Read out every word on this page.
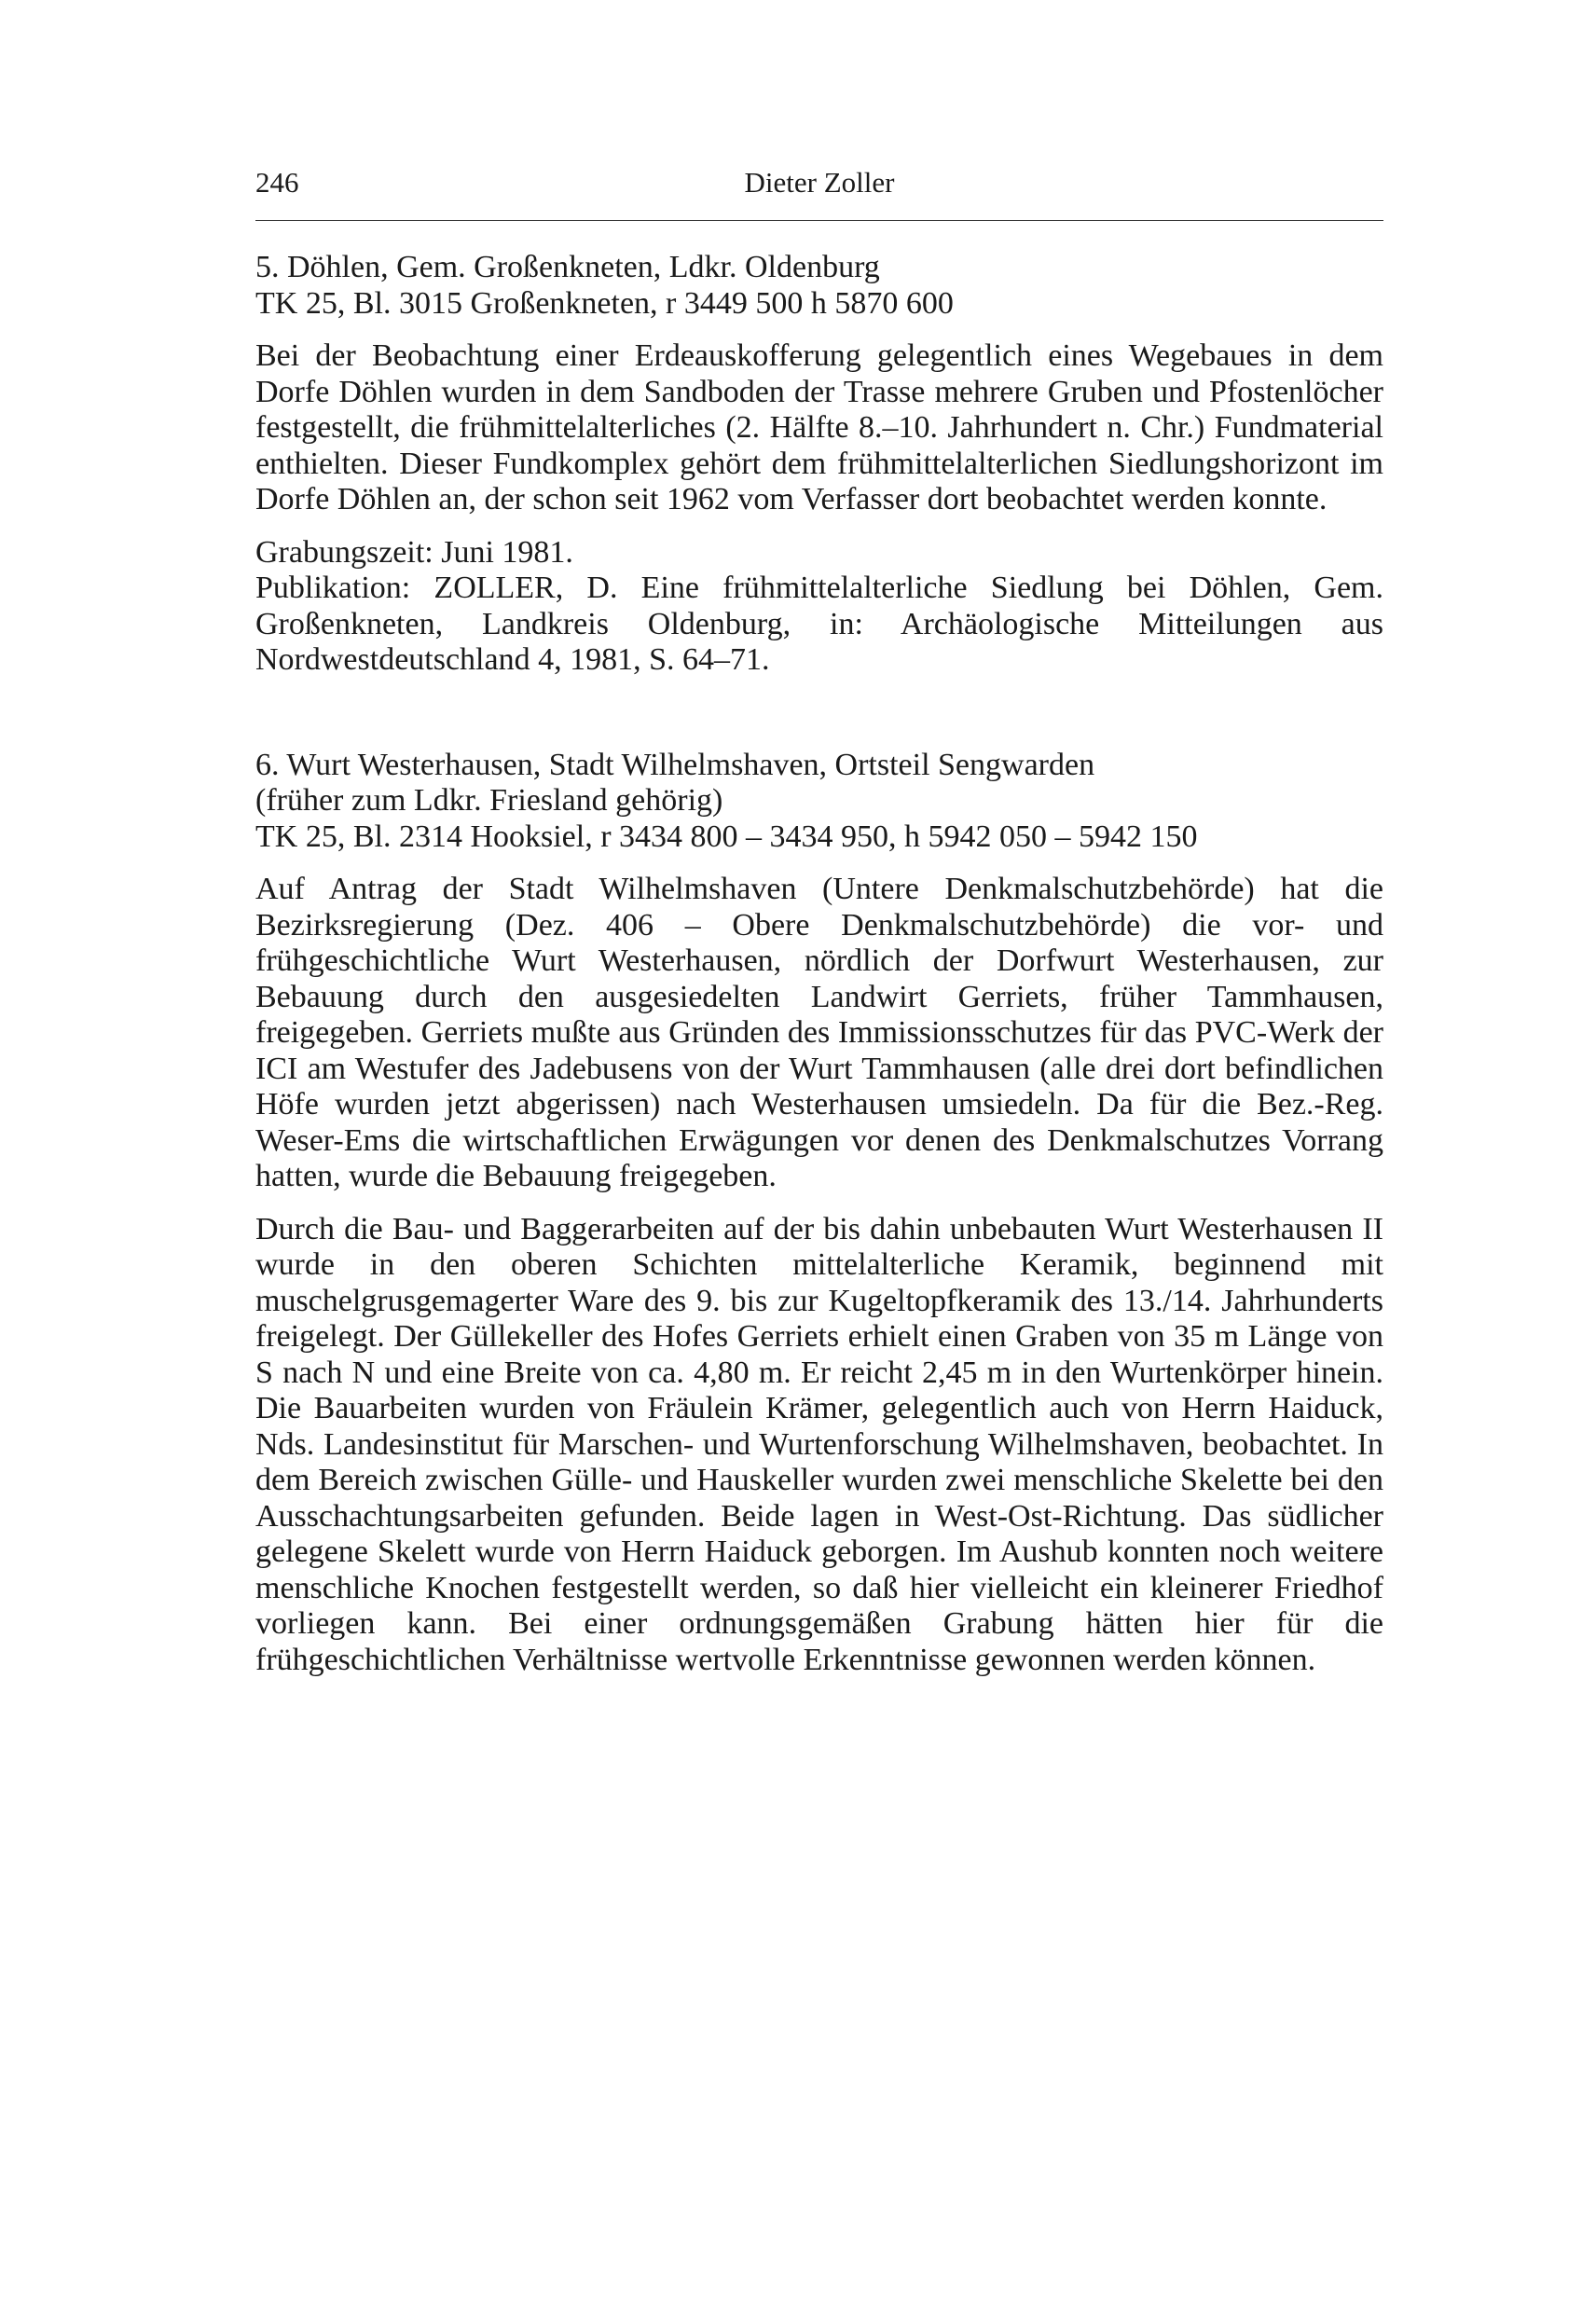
246	Dieter Zoller
5. Döhlen, Gem. Großenkneten, Ldkr. Oldenburg
TK 25, Bl. 3015 Großenkneten, r 3449 500 h 5870 600

Bei der Beobachtung einer Erdeauskofferung gelegentlich eines Wegebaues in dem Dorfe Döhlen wurden in dem Sandboden der Trasse mehrere Gruben und Pfostenlöcher festgestellt, die frühmittelalterliches (2. Hälfte 8.–10. Jahrhundert n. Chr.) Fundmaterial enthielten. Dieser Fundkomplex gehört dem frühmittelalterlichen Siedlungshorizont im Dorfe Döhlen an, der schon seit 1962 vom Verfasser dort beobachtet werden konnte.

Grabungszeit: Juni 1981.

Publikation: ZOLLER, D. Eine frühmittelalterliche Siedlung bei Döhlen, Gem. Großenkneten, Landkreis Oldenburg, in: Archäologische Mitteilungen aus Nordwestdeutschland 4, 1981, S. 64–71.

6. Wurt Westerhausen, Stadt Wilhelmshaven, Ortsteil Sengwarden
(früher zum Ldkr. Friesland gehörig)
TK 25, Bl. 2314 Hooksiel, r 3434 800 – 3434 950, h 5942 050 – 5942 150

Auf Antrag der Stadt Wilhelmshaven (Untere Denkmalschutzbehörde) hat die Bezirksregierung (Dez. 406 – Obere Denkmalschutzbehörde) die vor- und frühgeschichtliche Wurt Westerhausen, nördlich der Dorfwurt Westerhausen, zur Bebauung durch den ausgesiedelten Landwirt Gerriets, früher Tammhausen, freigegeben. Gerriets mußte aus Gründen des Immissionsschutzes für das PVC-Werk der ICI am Westufer des Jadebusens von der Wurt Tammhausen (alle drei dort befindlichen Höfe wurden jetzt abgerissen) nach Westerhausen umsiedeln. Da für die Bez.-Reg. Weser-Ems die wirtschaftlichen Erwägungen vor denen des Denkmalschutzes Vorrang hatten, wurde die Bebauung freigegeben.

Durch die Bau- und Baggerarbeiten auf der bis dahin unbebauten Wurt Westerhausen II wurde in den oberen Schichten mittelalterliche Keramik, beginnend mit muschelgrusgemagerter Ware des 9. bis zur Kugeltopfkeramik des 13./14. Jahrhunderts freigelegt. Der Güllekeller des Hofes Gerriets erhielt einen Graben von 35 m Länge von S nach N und eine Breite von ca. 4,80 m. Er reicht 2,45 m in den Wurtenkörper hinein. Die Bauarbeiten wurden von Fräulein Krämer, gelegentlich auch von Herrn Haiduck, Nds. Landesinstitut für Marschen- und Wurtenforschung Wilhelmshaven, beobachtet. In dem Bereich zwischen Gülle- und Hauskeller wurden zwei menschliche Skelette bei den Ausschachtungsarbeiten gefunden. Beide lagen in West-Ost-Richtung. Das südlicher gelegene Skelett wurde von Herrn Haiduck geborgen. Im Aushub konnten noch weitere menschliche Knochen festgestellt werden, so daß hier vielleicht ein kleinerer Friedhof vorliegen kann. Bei einer ordnungsgemäßen Grabung hätten hier für die frühgeschichtlichen Verhältnisse wertvolle Erkenntnisse gewonnen werden können.
